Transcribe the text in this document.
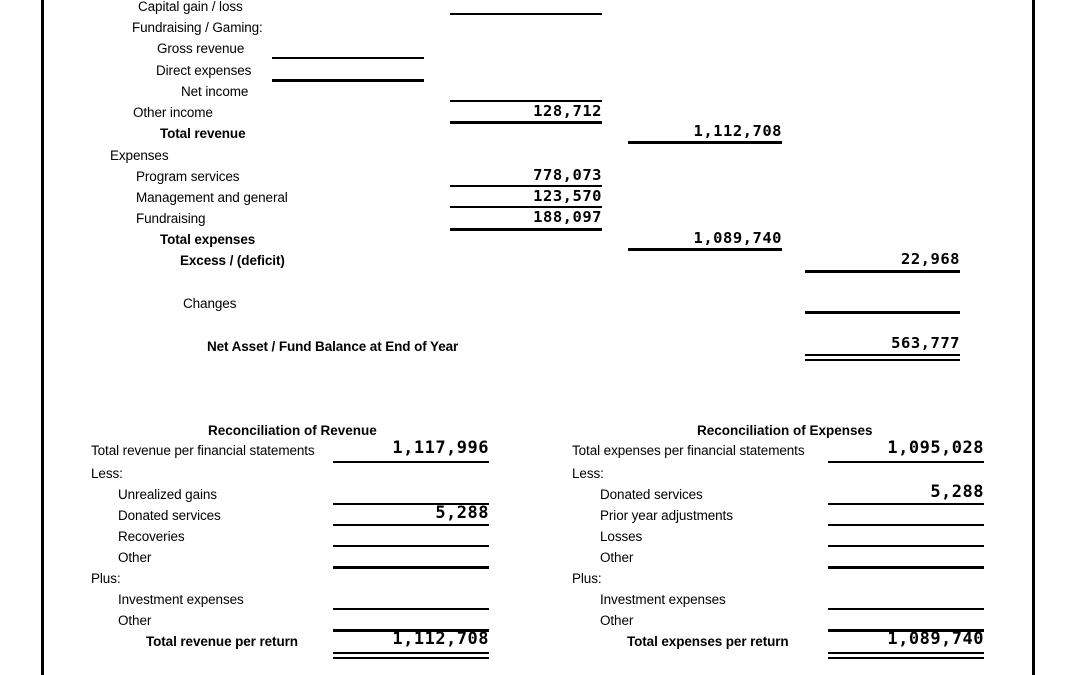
Capital gain / loss
Fundraising / Gaming:
Gross revenue
Direct expenses
Net income
Other income	128,712
Total revenue	1,112,708
Expenses
Program services	778,073
Management and general	123,570
Fundraising	188,097
Total expenses	1,089,740
Excess / (deficit)	22,968
Changes
Net Asset / Fund Balance at End of Year	563,777
Reconciliation of Revenue
Total revenue per financial statements	1,117,996
Less:
Unrealized gains
Donated services	5,288
Recoveries
Other
Plus:
Investment expenses
Other
Total revenue per return	1,112,708
Reconciliation of Expenses
Total expenses per financial statements	1,095,028
Less:
Donated services	5,288
Prior year adjustments
Losses
Other
Plus:
Investment expenses
Other
Total expenses per return	1,089,740
